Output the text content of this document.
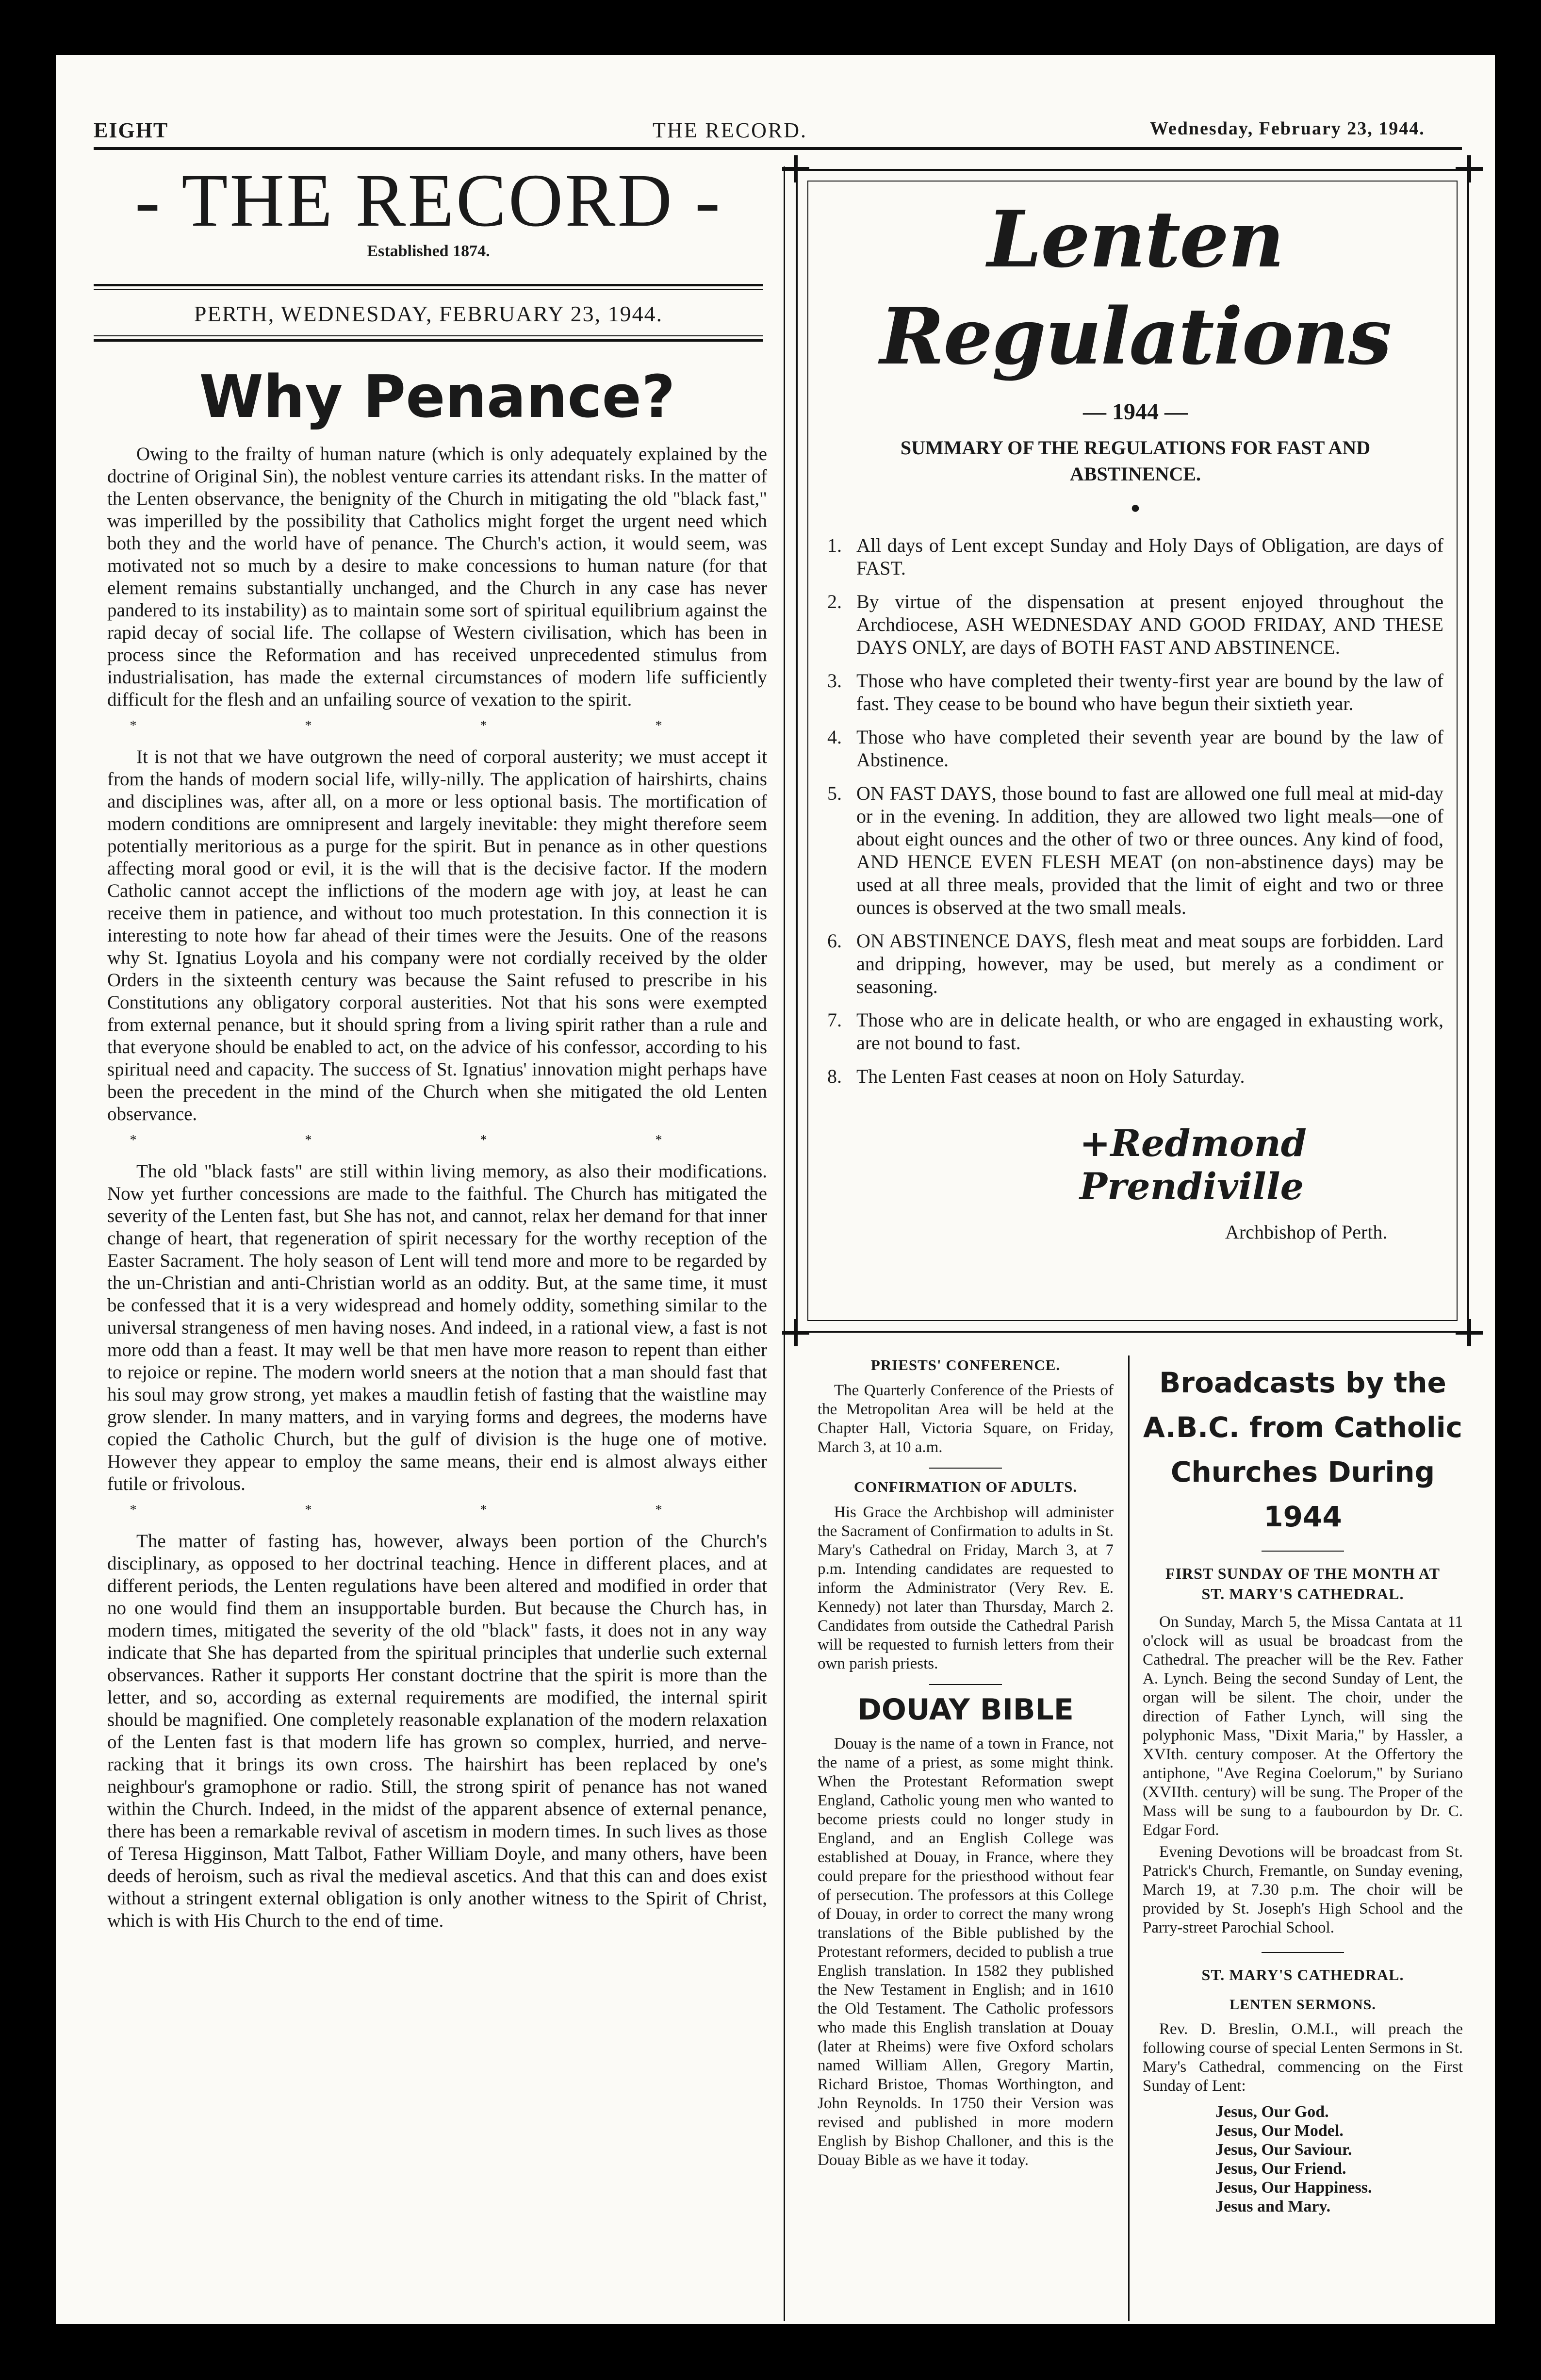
EIGHT	THE RECORD.	Wednesday, February 23, 1944.
- THE RECORD -
Established 1874.
PERTH, WEDNESDAY, FEBRUARY 23, 1944.
Why Penance?

Owing to the frailty of human nature (which is only adequately explained by the doctrine of Original Sin), the noblest venture carries its attendant risks. In the matter of the Lenten observance, the benignity of the Church in mitigating the old "black fast," was imperilled by the possibility that Catholics might forget the urgent need which both they and the world have of penance. The Church's action, it would seem, was motivated not so much by a desire to make concessions to human nature (for that element remains substantially unchanged, and the Church in any case has never pandered to its instability) as to maintain some sort of spiritual equilibrium against the rapid decay of social life. The collapse of Western civilisation, which has been in process since the Reformation and has received unprecedented stimulus from industrialisation, has made the external circumstances of modern life sufficiently difficult for the flesh and an unfailing source of vexation to the spirit.

* * * *

It is not that we have outgrown the need of corporal austerity; we must accept it from the hands of modern social life, willy-nilly. The application of hairshirts, chains and disciplines was, after all, on a more or less optional basis. The mortification of modern conditions are omnipresent and largely inevitable: they might therefore seem potentially meritorious as a purge for the spirit. But in penance as in other questions affecting moral good or evil, it is the will that is the decisive factor. If the modern Catholic cannot accept the inflictions of the modern age with joy, at least he can receive them in patience, and without too much protestation. In this connection it is interesting to note how far ahead of their times were the Jesuits. One of the reasons why St. Ignatius Loyola and his company were not cordially received by the older Orders in the sixteenth century was because the Saint refused to prescribe in his Constitutions any obligatory corporal austerities. Not that his sons were exempted from external penance, but it should spring from a living spirit rather than a rule and that everyone should be enabled to act, on the advice of his confessor, according to his spiritual need and capacity. The success of St. Ignatius' innovation might perhaps have been the precedent in the mind of the Church when she mitigated the old Lenten observance.

* * * *

The old "black fasts" are still within living memory, as also their modifications. Now yet further concessions are made to the faithful. The Church has mitigated the severity of the Lenten fast, but She has not, and cannot, relax her demand for that inner change of heart, that regeneration of spirit necessary for the worthy reception of the Easter Sacrament. The holy season of Lent will tend more and more to be regarded by the un-Christian and anti-Christian world as an oddity. But, at the same time, it must be confessed that it is a very widespread and homely oddity, something similar to the universal strangeness of men having noses. And indeed, in a rational view, a fast is not more odd than a feast. It may well be that men have more reason to repent than either to rejoice or repine. The modern world sneers at the notion that a man should fast that his soul may grow strong, yet makes a maudlin fetish of fasting that the waistline may grow slender. In many matters, and in varying forms and degrees, the moderns have copied the Catholic Church, but the gulf of division is the huge one of motive. However they appear to employ the same means, their end is almost always either futile or frivolous.

* * * *

The matter of fasting has, however, always been portion of the Church's disciplinary, as opposed to her doctrinal teaching. Hence in different places, and at different periods, the Lenten regulations have been altered and modified in order that no one would find them an insupportable burden. But because the Church has, in modern times, mitigated the severity of the old "black" fasts, it does not in any way indicate that She has departed from the spiritual principles that underlie such external observances. Rather it supports Her constant doctrine that the spirit is more than the letter, and so, according as external requirements are modified, the internal spirit should be magnified. One completely reasonable explanation of the modern relaxation of the Lenten fast is that modern life has grown so complex, hurried, and nerve-racking that it brings its own cross. The hairshirt has been replaced by one's neighbour's gramophone or radio. Still, the strong spirit of penance has not waned within the Church. Indeed, in the midst of the apparent absence of external penance, there has been a remarkable revival of ascetism in modern times. In such lives as those of Teresa Higginson, Matt Talbot, Father William Doyle, and many others, have been deeds of heroism, such as rival the medieval ascetics. And that this can and does exist without a stringent external obligation is only another witness to the Spirit of Christ, which is with His Church to the end of time.

Lenten Regulations
— 1944 —
SUMMARY OF THE REGULATIONS FOR FAST AND ABSTINENCE.
●
1. All days of Lent except Sunday and Holy Days of Obligation, are days of FAST.
2. By virtue of the dispensation at present enjoyed throughout the Archdiocese, ASH WEDNESDAY AND GOOD FRIDAY, AND THESE DAYS ONLY, are days of BOTH FAST AND ABSTINENCE.
3. Those who have completed their twenty-first year are bound by the law of fast. They cease to be bound who have begun their sixtieth year.
4. Those who have completed their seventh year are bound by the law of Abstinence.
5. ON FAST DAYS, those bound to fast are allowed one full meal at mid-day or in the evening. In addition, they are allowed two light meals—one of about eight ounces and the other of two or three ounces. Any kind of food, AND HENCE EVEN FLESH MEAT (on non-abstinence days) may be used at all three meals, provided that the limit of eight and two or three ounces is observed at the two small meals.
6. ON ABSTINENCE DAYS, flesh meat and meat soups are forbidden. Lard and dripping, however, may be used, but merely as a condiment or seasoning.
7. Those who are in delicate health, or who are engaged in exhausting work, are not bound to fast.
8. The Lenten Fast ceases at noon on Holy Saturday.
+Redmond Prendiville
Archbishop of Perth.
PRIESTS' CONFERENCE.

The Quarterly Conference of the Priests of the Metropolitan Area will be held at the Chapter Hall, Victoria Square, on Friday, March 3, at 10 a.m.

CONFIRMATION OF ADULTS.

His Grace the Archbishop will administer the Sacrament of Confirmation to adults in St. Mary's Cathedral on Friday, March 3, at 7 p.m. Intending candidates are requested to inform the Administrator (Very Rev. E. Kennedy) not later than Thursday, March 2. Candidates from outside the Cathedral Parish will be requested to furnish letters from their own parish priests.

DOUAY BIBLE

Douay is the name of a town in France, not the name of a priest, as some might think. When the Protestant Reformation swept England, Catholic young men who wanted to become priests could no longer study in England, and an English College was established at Douay, in France, where they could prepare for the priesthood without fear of persecution. The professors at this College of Douay, in order to correct the many wrong translations of the Bible published by the Protestant reformers, decided to publish a true English translation. In 1582 they published the New Testament in English; and in 1610 the Old Testament. The Catholic professors who made this English translation at Douay (later at Rheims) were five Oxford scholars named William Allen, Gregory Martin, Richard Bristoe, Thomas Worthington, and John Reynolds. In 1750 their Version was revised and published in more modern English by Bishop Challoner, and this is the Douay Bible as we have it today.

Broadcasts by the A.B.C. from Catholic Churches During 1944
FIRST SUNDAY OF THE MONTH AT ST. MARY'S CATHEDRAL.

On Sunday, March 5, the Missa Cantata at 11 o'clock will as usual be broadcast from the Cathedral. The preacher will be the Rev. Father A. Lynch. Being the second Sunday of Lent, the organ will be silent. The choir, under the direction of Father Lynch, will sing the polyphonic Mass, "Dixit Maria," by Hassler, a XVIth. century composer. At the Offertory the antiphone, "Ave Regina Coelorum," by Suriano (XVIIth. century) will be sung. The Proper of the Mass will be sung to a faubourdon by Dr. C. Edgar Ford.

Evening Devotions will be broadcast from St. Patrick's Church, Fremantle, on Sunday evening, March 19, at 7.30 p.m. The choir will be provided by St. Joseph's High School and the Parry-street Parochial School.

ST. MARY'S CATHEDRAL.
LENTEN SERMONS.

Rev. D. Breslin, O.M.I., will preach the following course of special Lenten Sermons in St. Mary's Cathedral, commencing on the First Sunday of Lent:

Jesus, Our God.
Jesus, Our Model.
Jesus, Our Saviour.
Jesus, Our Friend.
Jesus, Our Happiness.
Jesus and Mary.
